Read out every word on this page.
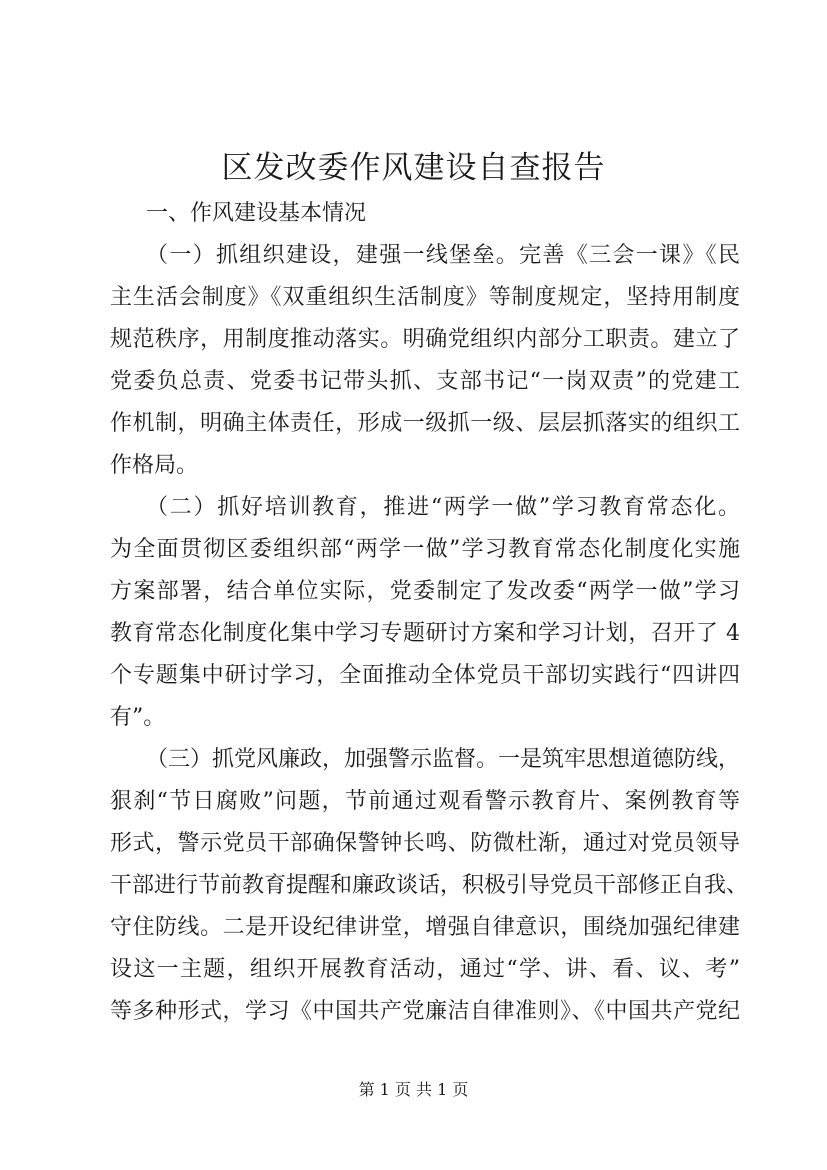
区发改委作风建设自查报告

一、作风建设基本情况

（一）抓组织建设，建强一线堡垒。完善《三会一课》《民

主生活会制度》《双重组织生活制度》等制度规定，坚持用制度

规范秩序，用制度推动落实。明确党组织内部分工职责。建立了

党委负总责、党委书记带头抓、支部书记“一岗双责”的党建工

作机制，明确主体责任，形成一级抓一级、层层抓落实的组织工

作格局。

（二）抓好培训教育，推进“两学一做”学习教育常态化。

为全面贯彻区委组织部“两学一做”学习教育常态化制度化实施

方案部署，结合单位实际，党委制定了发改委“两学一做”学习

教育常态化制度化集中学习专题研讨方案和学习计划，召开了 4

个专题集中研讨学习，全面推动全体党员干部切实践行“四讲四

有”。

（三）抓党风廉政，加强警示监督。一是筑牢思想道德防线，

狠刹“节日腐败”问题，节前通过观看警示教育片、案例教育等

形式，警示党员干部确保警钟长鸣、防微杜渐，通过对党员领导

干部进行节前教育提醒和廉政谈话，积极引导党员干部修正自我、

守住防线。二是开设纪律讲堂，增强自律意识，围绕加强纪律建

设这一主题，组织开展教育活动，通过“学、讲、看、议、考”

等多种形式，学习《中国共产党廉洁自律准则》、《中国共产党纪

第 1 页 共 1 页
